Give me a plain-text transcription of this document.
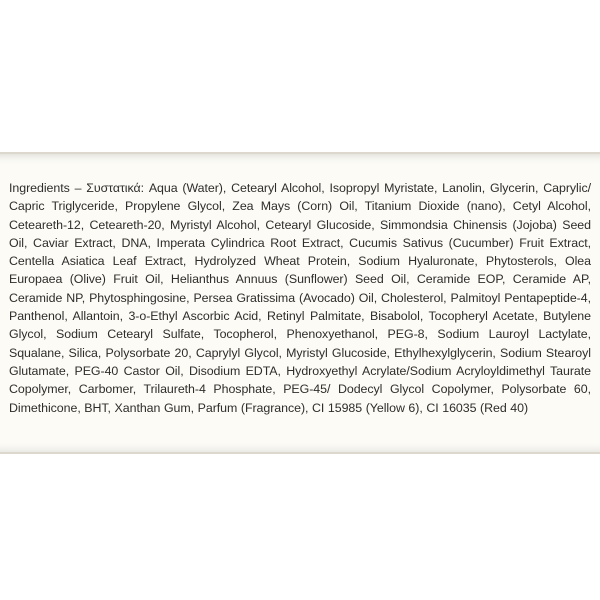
Ingredients – Συστατικά: Aqua (Water), Cetearyl Alcohol, Isopropyl Myristate, Lanolin, Glycerin, Caprylic/ Capric Triglyceride, Propylene Glycol, Zea Mays (Corn) Oil, Titanium Dioxide (nano), Cetyl Alcohol, Ceteareth-12, Ceteareth-20, Myristyl Alcohol, Cetearyl Glucoside, Simmondsia Chinensis (Jojoba) Seed Oil, Caviar Extract, DNA, Imperata Cylindrica Root Extract, Cucumis Sativus (Cucumber) Fruit Extract, Centella Asiatica Leaf Extract, Hydrolyzed Wheat Protein, Sodium Hyaluronate, Phytosterols, Olea Europaea (Olive) Fruit Oil, Helianthus Annuus (Sunflower) Seed Oil, Ceramide EOP, Ceramide AP, Ceramide NP, Phytosphingosine, Persea Gratissima (Avocado) Oil, Cholesterol, Palmitoyl Pentapeptide-4, Panthenol, Allantoin, 3-o-Ethyl Ascorbic Acid, Retinyl Palmitate, Bisabolol, Tocopheryl Acetate, Butylene Glycol, Sodium Cetearyl Sulfate, Tocopherol, Phenoxyethanol, PEG-8, Sodium Lauroyl Lactylate, Squalane, Silica, Polysorbate 20, Caprylyl Glycol, Myristyl Glucoside, Ethylhexylglycerin, Sodium Stearoyl Glutamate, PEG-40 Castor Oil, Disodium EDTA, Hydroxyethyl Acrylate/Sodium Acryloyldimethyl Taurate Copolymer, Carbomer, Trilaureth-4 Phosphate, PEG-45/ Dodecyl Glycol Copolymer, Polysorbate 60, Dimethicone, BHT, Xanthan Gum, Parfum (Fragrance), CI 15985 (Yellow 6), CI 16035 (Red 40)
